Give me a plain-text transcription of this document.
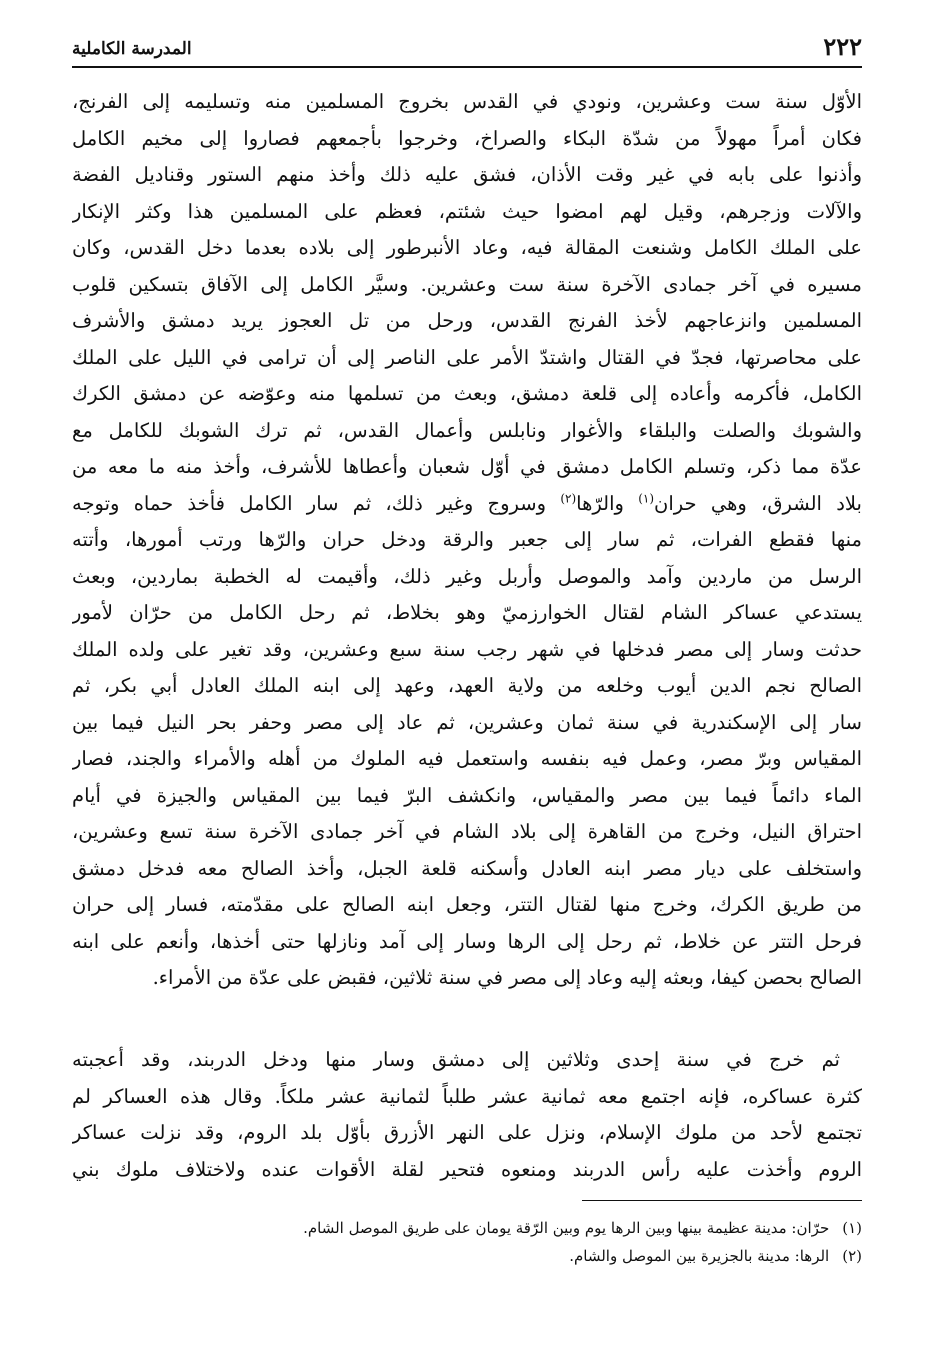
٢٢٢
المدرسة الكاملية
الأوّل سنة ست وعشرين، ونودي في القدس بخروج المسلمين منه وتسليمه إلى الفرنج،
فكان أمراً مهولاً من شدّة البكاء والصراخ، وخرجوا بأجمعهم فصاروا إلى مخيم الكامل
وأذنوا على بابه في غير وقت الأذان، فشق عليه ذلك وأخذ منهم الستور وقناديل الفضة
والآلات وزجرهم، وقيل لهم امضوا حيث شئتم، فعظم على المسلمين هذا وكثر الإنكار
على الملك الكامل وشنعت المقالة فيه، وعاد الأنبرطور إلى بلاده بعدما دخل القدس، وكان
مسيره في آخر جمادى الآخرة سنة ست وعشرين. وسيَّر الكامل إلى الآفاق بتسكين قلوب
المسلمين وانزعاجهم لأخذ الفرنج القدس، ورحل من تل العجوز يريد دمشق والأشرف
على محاصرتها، فجدّ في القتال واشتدّ الأمر على الناصر إلى أن ترامى في الليل على الملك
الكامل، فأكرمه وأعاده إلى قلعة دمشق، وبعث من تسلمها منه وعوّضه عن دمشق الكرك
والشوبك والصلت والبلقاء والأغوار ونابلس وأعمال القدس، ثم ترك الشوبك للكامل مع
عدّة مما ذكر، وتسلم الكامل دمشق في أوّل شعبان وأعطاها للأشرف، وأخذ منه ما معه من
بلاد الشرق، وهي حران$^{(١)}$ والرّها$^{(٢)}$ وسروج وغير ذلك، ثم سار الكامل فأخذ حماه وتوجه
منها فقطع الفرات، ثم سار إلى جعبر والرقة ودخل حران والرّها ورتب أمورها، وأتته
الرسل من ماردين وآمد والموصل وأربل وغير ذلك، وأقيمت له الخطبة بماردين، وبعث
يستدعي عساكر الشام لقتال الخوارزميّ وهو بخلاط، ثم رحل الكامل من حرّان لأمور
حدثت وسار إلى مصر فدخلها في شهر رجب سنة سبع وعشرين، وقد تغير على ولده الملك
الصالح نجم الدين أيوب وخلعه من ولاية العهد، وعهد إلى ابنه الملك العادل أبي بكر، ثم
سار إلى الإسكندرية في سنة ثمان وعشرين، ثم عاد إلى مصر وحفر بحر النيل فيما بين
المقياس وبرّ مصر، وعمل فيه بنفسه واستعمل فيه الملوك من أهله والأمراء والجند، فصار
الماء دائماً فيما بين مصر والمقياس، وانكشف البرّ فيما بين المقياس والجيزة في أيام
احتراق النيل، وخرج من القاهرة إلى بلاد الشام في آخر جمادى الآخرة سنة تسع وعشرين،
واستخلف على ديار مصر ابنه العادل وأسكنه قلعة الجبل، وأخذ الصالح معه فدخل دمشق
من طريق الكرك، وخرج منها لقتال التتر، وجعل ابنه الصالح على مقدّمته، فسار إلى حران
فرحل التتر عن خلاط، ثم رحل إلى الرها وسار إلى آمد ونازلها حتى أخذها، وأنعم على ابنه
الصالح بحصن كيفا، وبعثه إليه وعاد إلى مصر في سنة ثلاثين، فقبض على عدّة من الأمراء.
ثم خرج في سنة إحدى وثلاثين إلى دمشق وسار منها ودخل الدربند، وقد أعجبته
كثرة عساكره، فإنه اجتمع معه ثمانية عشر طلباً لثمانية عشر ملكاً. وقال هذه العساكر لم
تجتمع لأحد من ملوك الإسلام، ونزل على النهر الأزرق بأوّل بلد الروم، وقد نزلت عساكر
الروم وأخذت عليه رأس الدربند ومنعوه فتحير لقلة الأقوات عنده ولاختلاف ملوك بني
(١) حرّان: مدينة عظيمة بينها وبين الرها يوم وبين الرّقة يومان على طريق الموصل الشام.
(٢) الرها: مدينة بالجزيرة بين الموصل والشام.
